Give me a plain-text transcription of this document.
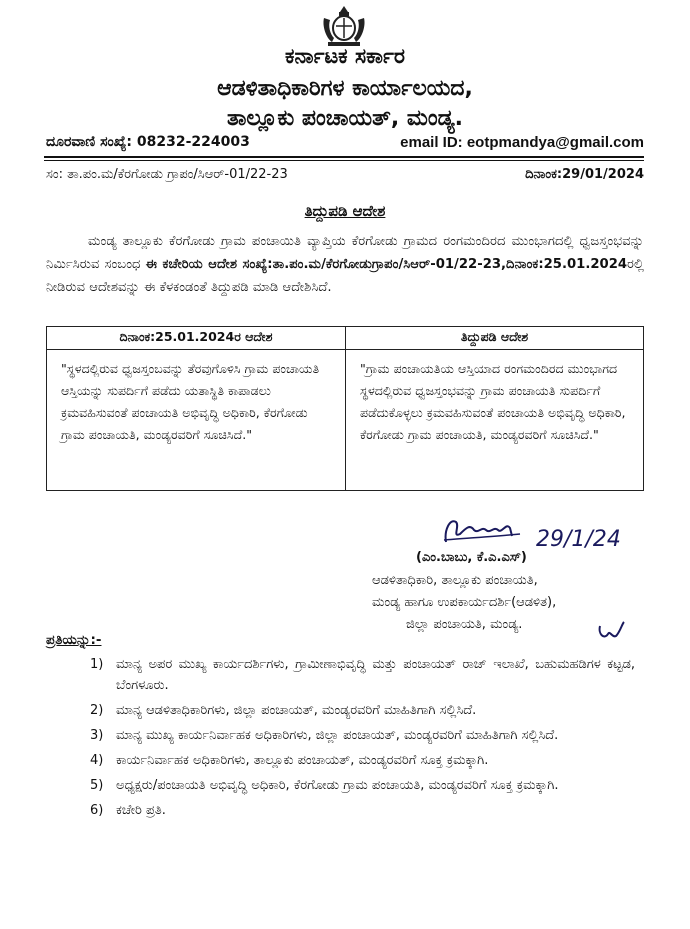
ಕರ್ನಾಟಕ ಸರ್ಕಾರ
ಆಡಳಿತಾಧಿಕಾರಿಗಳ ಕಾರ್ಯಾಲಯದ,
ತಾಲ್ಲೂಕು ಪಂಚಾಯತ್, ಮಂಡ್ಯ.
ದೂರವಾಣಿ ಸಂಖ್ಯೆ: 08232-224003	email ID: eotpmandya@gmail.com
ಸಂ: ತಾ.ಪಂ.ಮ/ಕೆರಗೋಡು ಗ್ರಾಪಂ/ಸಿಆರ್-01/22-23	ದಿನಾಂಕ:29/01/2024
ತಿದ್ದುಪಡಿ ಆದೇಶ
ಮಂಡ್ಯ ತಾಲ್ಲೂಕು ಕೆರಗೋಡು ಗ್ರಾಮ ಪಂಚಾಯಿತಿ ವ್ಯಾಪ್ತಿಯ ಕೆರಗೋಡು ಗ್ರಾಮದ ರಂಗಮಂದಿರದ ಮುಂಭಾಗದಲ್ಲಿ ಧ್ವಜಸ್ತಂಭವನ್ನು ನಿರ್ಮಿಸಿರುವ ಸಂಬಂಧ ಈ ಕಚೇರಿಯ ಆದೇಶ ಸಂಖ್ಯೆ:ತಾ.ಪಂ.ಮ/ಕೆರಗೋಡುಗ್ರಾಪಂ/ಸಿಆರ್-01/22-23,ದಿನಾಂಕ:25.01.2024ರಲ್ಲಿ ನೀಡಿರುವ ಆದೇಶವನ್ನು ಈ ಕೆಳಕಂಡಂತೆ ತಿದ್ದುಪಡಿ ಮಾಡಿ ಆದೇಶಿಸಿದೆ.
ದಿನಾಂಕ:25.01.2024ರ ಆದೇಶ	ತಿದ್ದುಪಡಿ ಆದೇಶ
"ಸ್ಥಳದಲ್ಲಿರುವ ಧ್ವಜಸ್ತಂಬವನ್ನು ತೆರವುಗೊಳಿಸಿ ಗ್ರಾಮ ಪಂಚಾಯತಿ ಆಸ್ತಿಯನ್ನು ಸುಪರ್ದಿಗೆ ಪಡೆದು ಯತಾಸ್ಥಿತಿ ಕಾಪಾಡಲು ಕ್ರಮವಹಿಸುವಂತೆ ಪಂಚಾಯತಿ ಅಭಿವೃದ್ಧಿ ಅಧಿಕಾರಿ, ಕೆರಗೋಡು ಗ್ರಾಮ ಪಂಚಾಯತಿ, ಮಂಡ್ಯರವರಿಗೆ ಸೂಚಿಸಿದೆ."	"ಗ್ರಾಮ ಪಂಚಾಯತಿಯ ಆಸ್ತಿಯಾದ ರಂಗಮಂದಿರದ ಮುಂಭಾಗದ ಸ್ಥಳದಲ್ಲಿರುವ ಧ್ವಜಸ್ತಂಭವನ್ನು ಗ್ರಾಮ ಪಂಚಾಯತಿ ಸುಪರ್ದಿಗೆ ಪಡೆದುಕೊಳ್ಳಲು ಕ್ರಮವಹಿಸುವಂತೆ ಪಂಚಾಯತಿ ಅಭಿವೃದ್ಧಿ ಅಧಿಕಾರಿ, ಕೆರಗೋಡು ಗ್ರಾಮ ಪಂಚಾಯತಿ, ಮಂಡ್ಯರವರಿಗೆ ಸೂಚಿಸಿದೆ."
29/1/24
(ಎಂ.ಬಾಬು, ಕೆ.ಎ.ಎಸ್)
ಆಡಳಿತಾಧಿಕಾರಿ, ತಾಲ್ಲೂಕು ಪಂಚಾಯತಿ,
ಮಂಡ್ಯ ಹಾಗೂ ಉಪಕಾರ್ಯದರ್ಶಿ(ಆಡಳಿತ),
ಜಿಲ್ಲಾ ಪಂಚಾಯತಿ, ಮಂಡ್ಯ.
ಪ್ರತಿಯನ್ನು:-
1) ಮಾನ್ಯ ಅಪರ ಮುಖ್ಯ ಕಾರ್ಯದರ್ಶಿಗಳು, ಗ್ರಾಮೀಣಾಭಿವೃದ್ಧಿ ಮತ್ತು ಪಂಚಾಯತ್ ರಾಜ್ ಇಲಾಖೆ, ಬಹುಮಹಡಿಗಳ ಕಟ್ಟಡ, ಬೆಂಗಳೂರು.
2) ಮಾನ್ಯ ಆಡಳಿತಾಧಿಕಾರಿಗಳು, ಜಿಲ್ಲಾ ಪಂಚಾಯತ್, ಮಂಡ್ಯರವರಿಗೆ ಮಾಹಿತಿಗಾಗಿ ಸಲ್ಲಿಸಿದೆ.
3) ಮಾನ್ಯ ಮುಖ್ಯ ಕಾರ್ಯನಿರ್ವಾಹಕ ಅಧಿಕಾರಿಗಳು, ಜಿಲ್ಲಾ ಪಂಚಾಯತ್, ಮಂಡ್ಯರವರಿಗೆ ಮಾಹಿತಿಗಾಗಿ ಸಲ್ಲಿಸಿದೆ.
4) ಕಾರ್ಯನಿರ್ವಾಹಕ ಅಧಿಕಾರಿಗಳು, ತಾಲ್ಲೂಕು ಪಂಚಾಯತ್, ಮಂಡ್ಯರವರಿಗೆ ಸೂಕ್ತ ಕ್ರಮಕ್ಕಾಗಿ.
5) ಅಧ್ಯಕ್ಷರು/ಪಂಚಾಯತಿ ಅಭಿವೃದ್ಧಿ ಅಧಿಕಾರಿ, ಕೆರಗೋಡು ಗ್ರಾಮ ಪಂಚಾಯತಿ, ಮಂಡ್ಯರವರಿಗೆ ಸೂಕ್ತ ಕ್ರಮಕ್ಕಾಗಿ.
6) ಕಚೇರಿ ಪ್ರತಿ.
